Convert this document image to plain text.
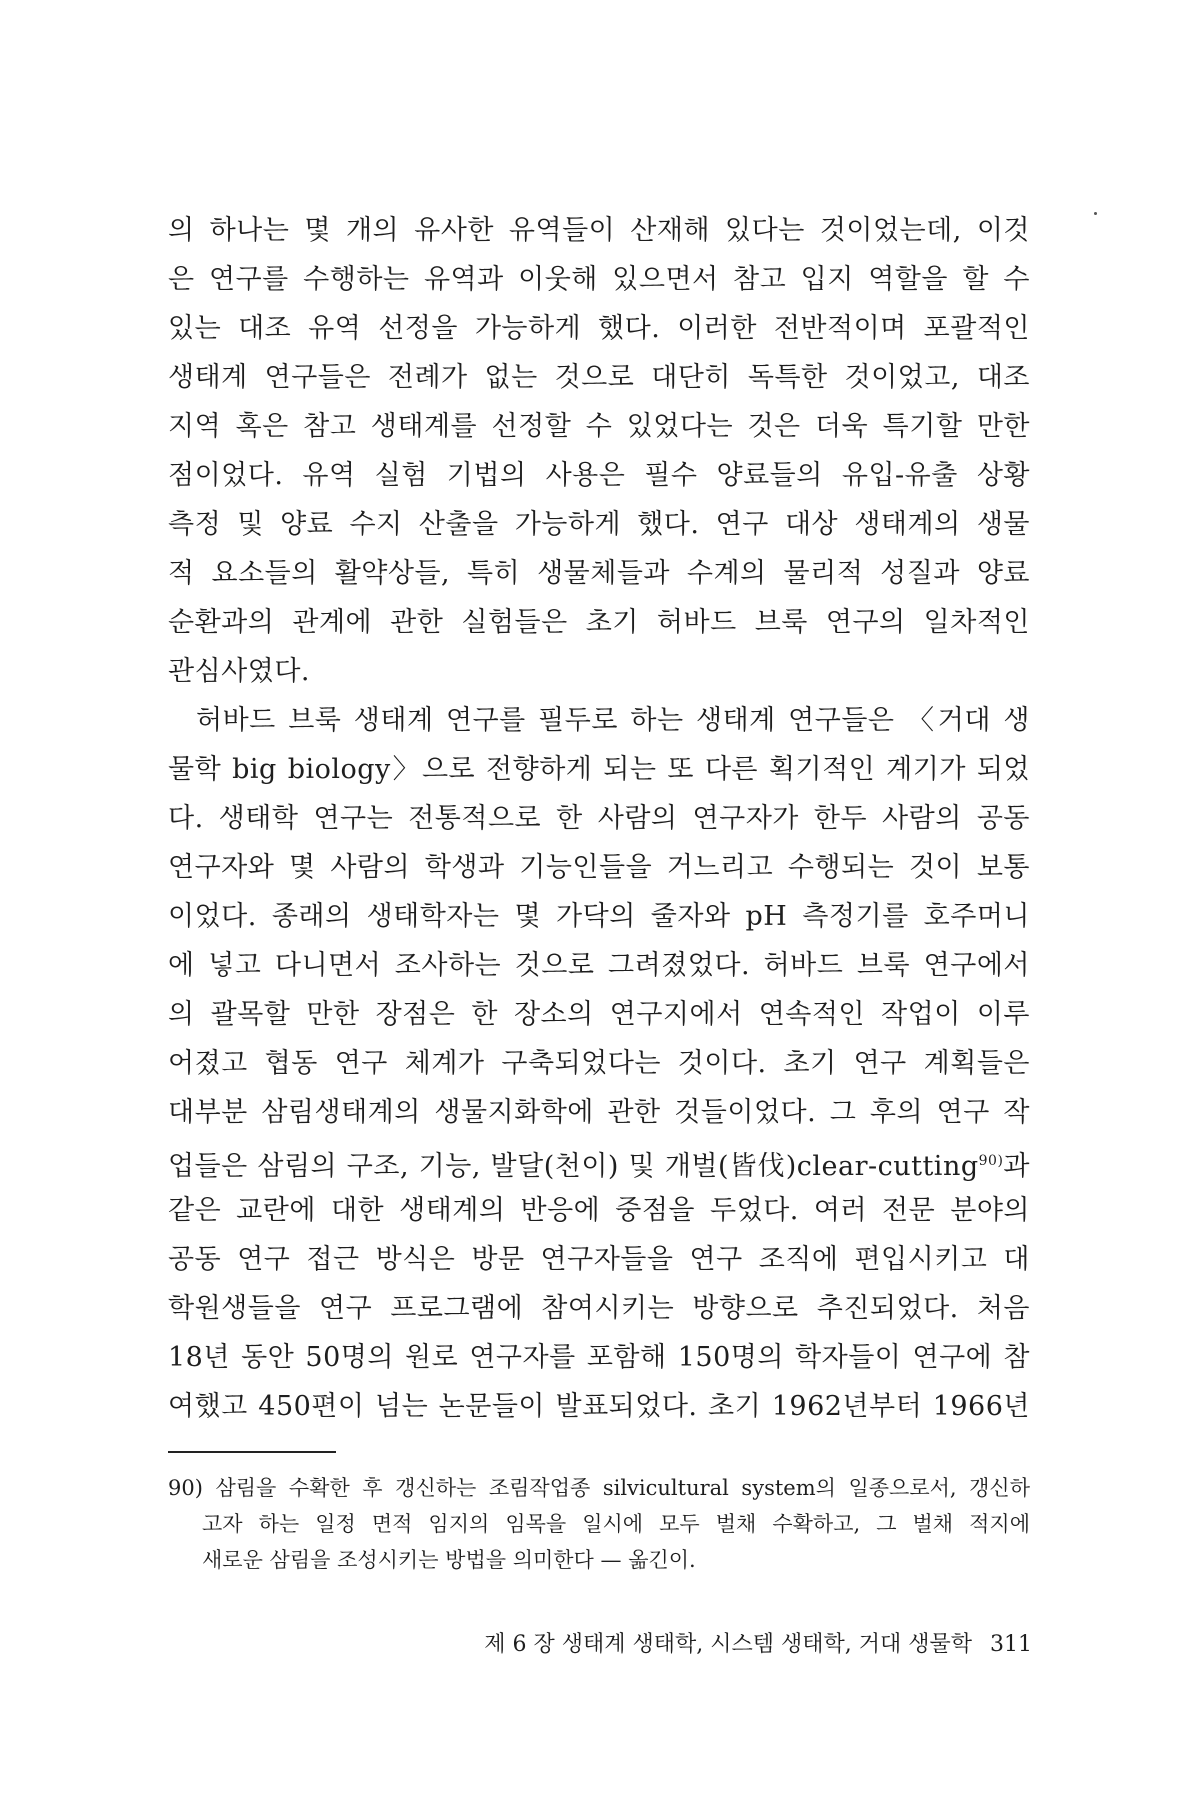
의 하나는 몇 개의 유사한 유역들이 산재해 있다는 것이었는데, 이것
은 연구를 수행하는 유역과 이웃해 있으면서 참고 입지 역할을 할 수
있는 대조 유역 선정을 가능하게 했다. 이러한 전반적이며 포괄적인
생태계 연구들은 전례가 없는 것으로 대단히 독특한 것이었고, 대조
지역 혹은 참고 생태계를 선정할 수 있었다는 것은 더욱 특기할 만한
점이었다. 유역 실험 기법의 사용은 필수 양료들의 유입-유출 상황
측정 및 양료 수지 산출을 가능하게 했다. 연구 대상 생태계의 생물
적 요소들의 활약상들, 특히 생물체들과 수계의 물리적 성질과 양료
순환과의 관계에 관한 실험들은 초기 허바드 브룩 연구의 일차적인
관심사였다.
허바드 브룩 생태계 연구를 필두로 하는 생태계 연구들은 〈거대 생
물학 big biology〉으로 전향하게 되는 또 다른 획기적인 계기가 되었
다. 생태학 연구는 전통적으로 한 사람의 연구자가 한두 사람의 공동
연구자와 몇 사람의 학생과 기능인들을 거느리고 수행되는 것이 보통
이었다. 종래의 생태학자는 몇 가닥의 줄자와 pH 측정기를 호주머니
에 넣고 다니면서 조사하는 것으로 그려졌었다. 허바드 브룩 연구에서
의 괄목할 만한 장점은 한 장소의 연구지에서 연속적인 작업이 이루
어졌고 협동 연구 체계가 구축되었다는 것이다. 초기 연구 계획들은
대부분 삼림생태계의 생물지화학에 관한 것들이었다. 그 후의 연구 작
업들은 삼림의 구조, 기능, 발달(천이) 및 개벌(皆伐)clear-cutting$^{90)}$과
같은 교란에 대한 생태계의 반응에 중점을 두었다. 여러 전문 분야의
공동 연구 접근 방식은 방문 연구자들을 연구 조직에 편입시키고 대
학원생들을 연구 프로그램에 참여시키는 방향으로 추진되었다. 처음
18년 동안 50명의 원로 연구자를 포함해 150명의 학자들이 연구에 참
여했고 450편이 넘는 논문들이 발표되었다. 초기 1962년부터 1966년
90) 삼림을 수확한 후 갱신하는 조림작업종 silvicultural system의 일종으로서, 갱신하
고자 하는 일정 면적 임지의 임목을 일시에 모두 벌채 수확하고, 그 벌채 적지에
새로운 삼림을 조성시키는 방법을 의미한다 — 옮긴이.
제 6 장 생태계 생태학, 시스템 생태학, 거대 생물학 311
